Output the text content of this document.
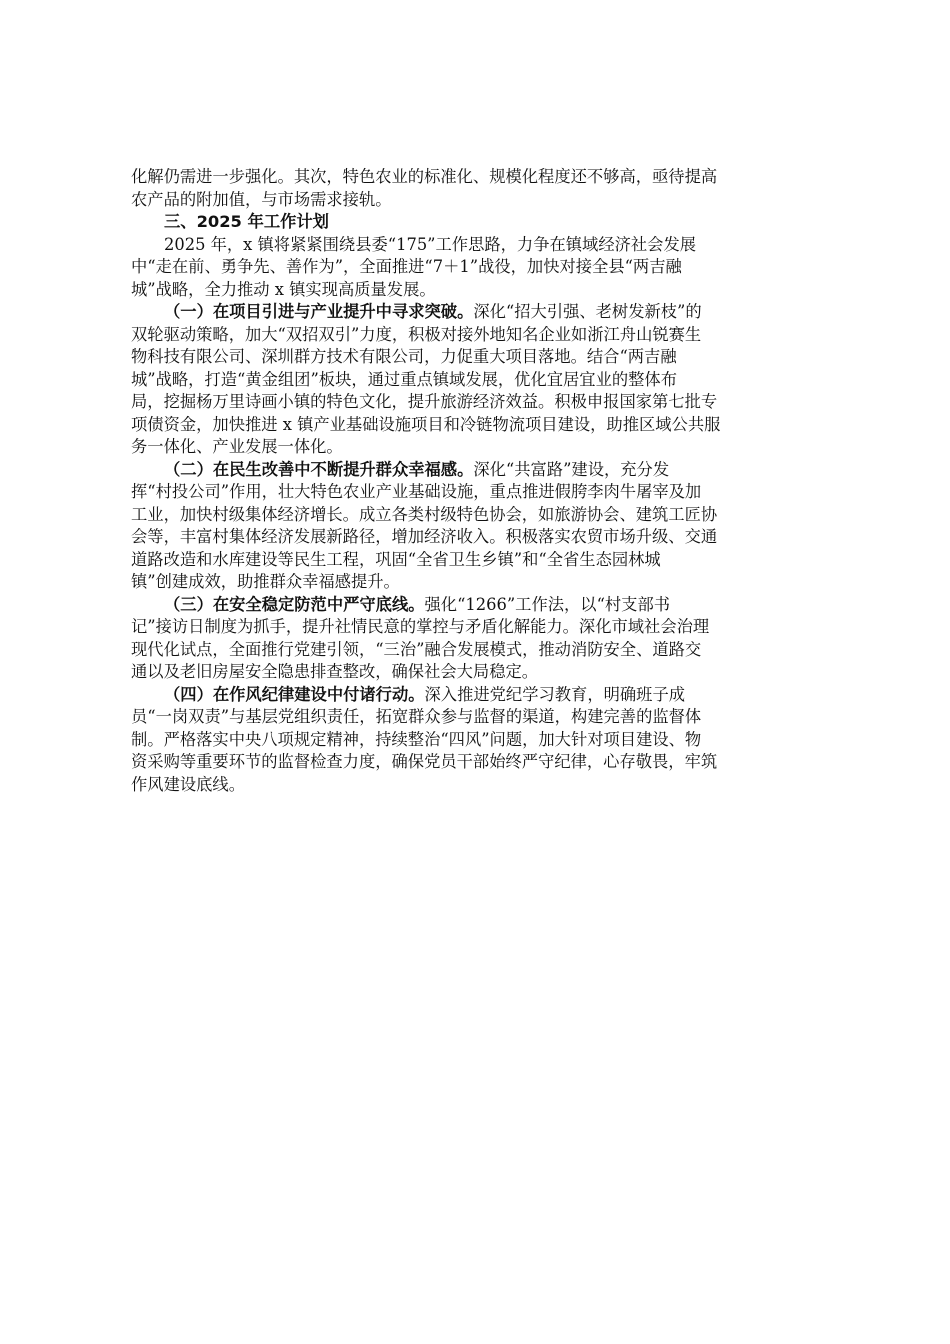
化解仍需进一步强化。其次，特色农业的标准化、规模化程度还不够高，亟待提高
农产品的附加值，与市场需求接轨。
三、2025 年工作计划
2025 年，x 镇将紧紧围绕县委“175”工作思路，力争在镇域经济社会发展
中“走在前、勇争先、善作为”，全面推进“7＋1”战役，加快对接全县“两吉融
城”战略，全力推动 x 镇实现高质量发展。
（一）在项目引进与产业提升中寻求突破。深化“招大引强、老树发新枝”的
双轮驱动策略，加大“双招双引”力度，积极对接外地知名企业如浙江舟山锐赛生
物科技有限公司、深圳群方技术有限公司，力促重大项目落地。结合“两吉融
城”战略，打造“黄金组团”板块，通过重点镇域发展，优化宜居宜业的整体布
局，挖掘杨万里诗画小镇的特色文化，提升旅游经济效益。积极申报国家第七批专
项债资金，加快推进 x 镇产业基础设施项目和冷链物流项目建设，助推区域公共服
务一体化、产业发展一体化。
（二）在民生改善中不断提升群众幸福感。深化“共富路”建设，充分发
挥“村投公司”作用，壮大特色农业产业基础设施，重点推进假胯李肉牛屠宰及加
工业，加快村级集体经济增长。成立各类村级特色协会，如旅游协会、建筑工匠协
会等，丰富村集体经济发展新路径，增加经济收入。积极落实农贸市场升级、交通
道路改造和水库建设等民生工程，巩固“全省卫生乡镇”和“全省生态园林城
镇”创建成效，助推群众幸福感提升。
（三）在安全稳定防范中严守底线。强化“1266”工作法，以“村支部书
记”接访日制度为抓手，提升社情民意的掌控与矛盾化解能力。深化市域社会治理
现代化试点，全面推行党建引领，“三治”融合发展模式，推动消防安全、道路交
通以及老旧房屋安全隐患排查整改，确保社会大局稳定。
（四）在作风纪律建设中付诸行动。深入推进党纪学习教育，明确班子成
员“一岗双责”与基层党组织责任，拓宽群众参与监督的渠道，构建完善的监督体
制。严格落实中央八项规定精神，持续整治“四风”问题，加大针对项目建设、物
资采购等重要环节的监督检查力度，确保党员干部始终严守纪律，心存敬畏，牢筑
作风建设底线。
